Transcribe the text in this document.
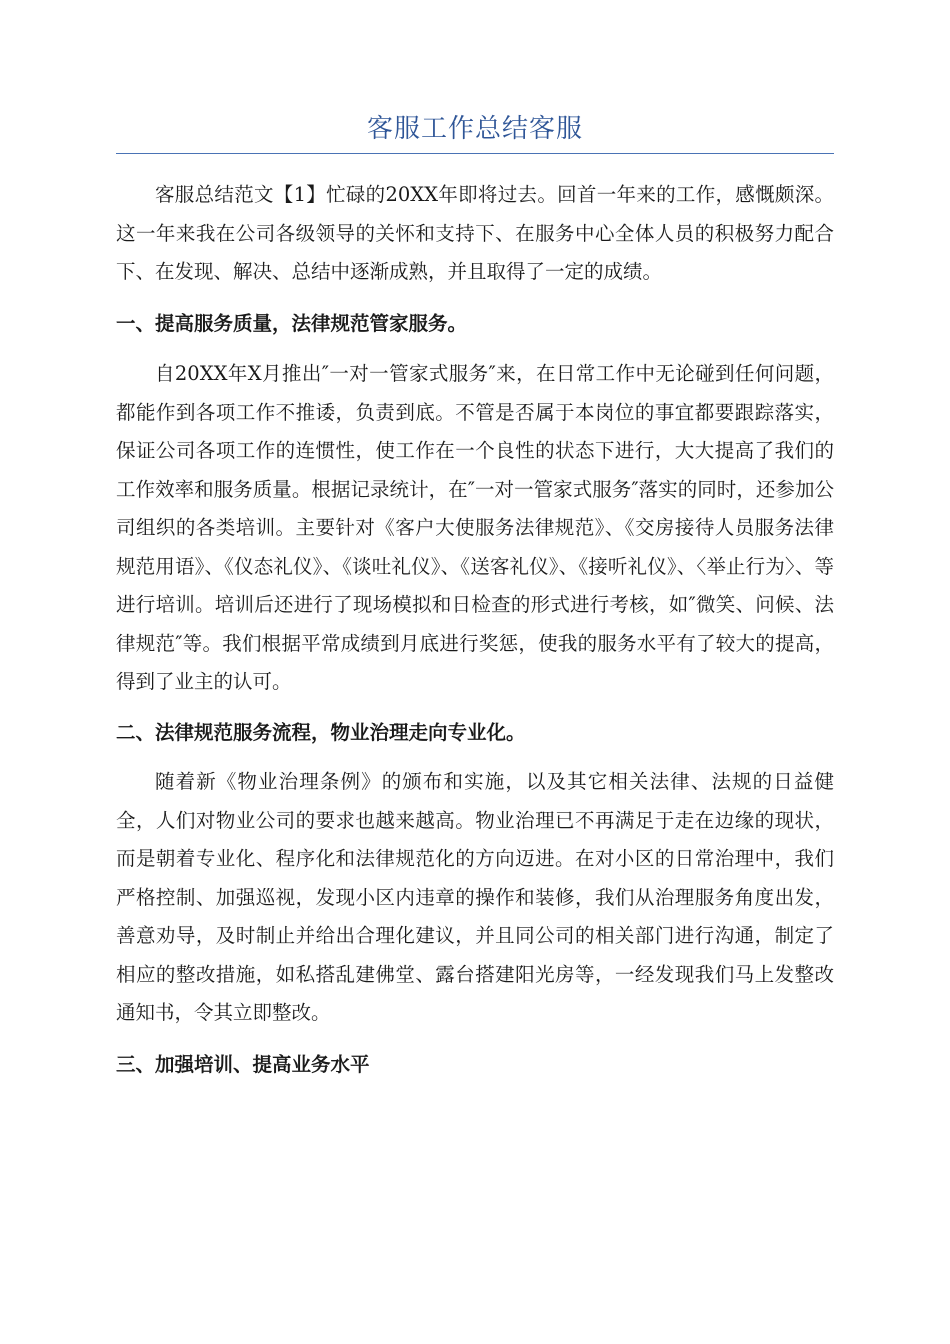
客服工作总结客服

客服总结范文【1】忙碌的20XX年即将过去。回首一年来的工作，感慨颇深。这一年来我在公司各级领导的关怀和支持下、在服务中心全体人员的积极努力配合下、在发现、解决、总结中逐渐成熟，并且取得了一定的成绩。

一、提高服务质量，法律规范管家服务。

自20XX年X月推出″一对一管家式服务″来，在日常工作中无论碰到任何问题，都能作到各项工作不推诿，负责到底。不管是否属于本岗位的事宜都要跟踪落实，保证公司各项工作的连惯性，使工作在一个良性的状态下进行，大大提高了我们的工作效率和服务质量。根据记录统计，在″一对一管家式服务″落实的同时，还参加公司组织的各类培训。主要针对《客户大使服务法律规范》、《交房接待人员服务法律规范用语》、《仪态礼仪》、《谈吐礼仪》、《送客礼仪》、《接听礼仪》、〈举止行为〉、等进行培训。培训后还进行了现场模拟和日检查的形式进行考核，如″微笑、问候、法律规范″等。我们根据平常成绩到月底进行奖惩，使我的服务水平有了较大的提高，得到了业主的认可。

二、法律规范服务流程，物业治理走向专业化。

随着新《物业治理条例》的颁布和实施，以及其它相关法律、法规的日益健全，人们对物业公司的要求也越来越高。物业治理已不再满足于走在边缘的现状，而是朝着专业化、程序化和法律规范化的方向迈进。在对小区的日常治理中，我们严格控制、加强巡视，发现小区内违章的操作和装修，我们从治理服务角度出发，善意劝导，及时制止并给出合理化建议，并且同公司的相关部门进行沟通，制定了相应的整改措施，如私搭乱建佛堂、露台搭建阳光房等，一经发现我们马上发整改通知书，令其立即整改。

三、加强培训、提高业务水平
